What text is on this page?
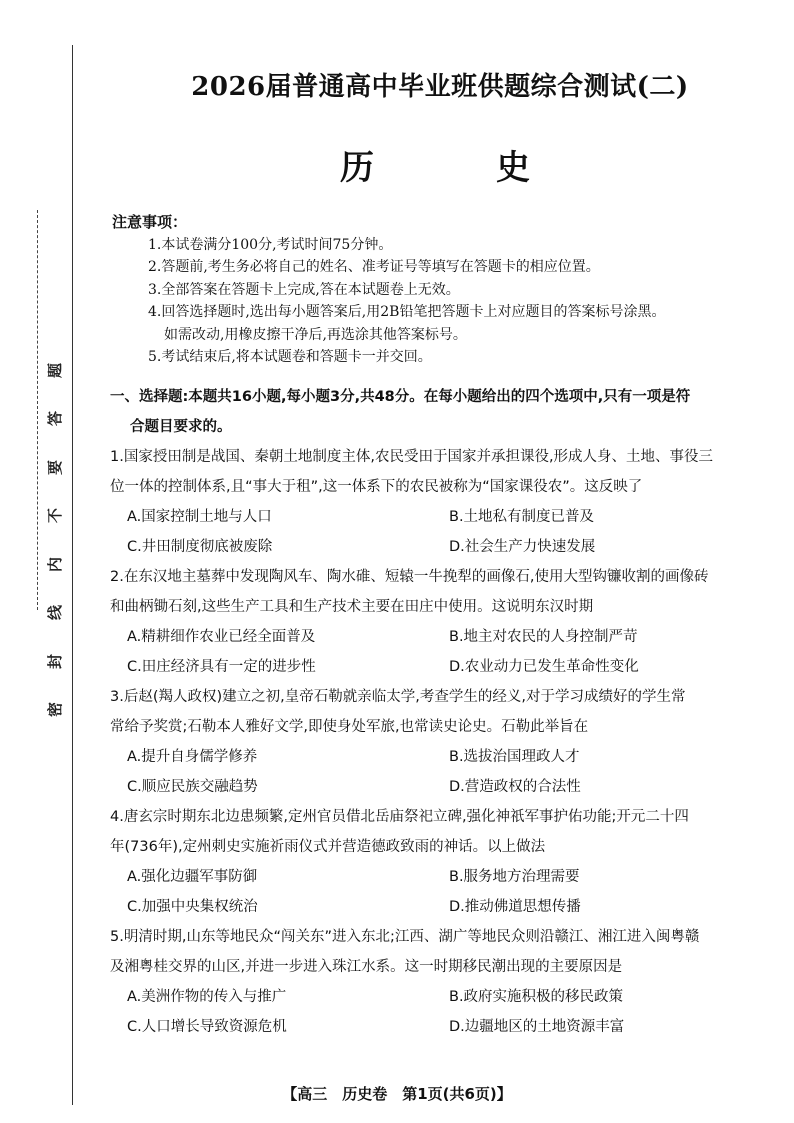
题
答
要
不
内
线
封
密
2026届普通高中毕业班供题综合测试(二)
历	史
注意事项：
1.本试卷满分100分,考试时间75分钟。
2.答题前,考生务必将自己的姓名、准考证号等填写在答题卡的相应位置。
3.全部答案在答题卡上完成,答在本试题卷上无效。
4.回答选择题时,选出每小题答案后,用2B铅笔把答题卡上对应题目的答案标号涂黑。
如需改动,用橡皮擦干净后,再选涂其他答案标号。
5.考试结束后,将本试题卷和答题卡一并交回。
一、选择题:本题共16小题,每小题3分,共48分。在每小题给出的四个选项中,只有一项是符
合题目要求的。
1.国家授田制是战国、秦朝土地制度主体,农民受田于国家并承担课役,形成人身、土地、事役三
位一体的控制体系,且“事大于租”,这一体系下的农民被称为“国家课役农”。这反映了
A.国家控制土地与人口	B.土地私有制度已普及
C.井田制度彻底被废除	D.社会生产力快速发展
2.在东汉地主墓葬中发现陶风车、陶水碓、短辕一牛挽犁的画像石,使用大型钩镰收割的画像砖
和曲柄锄石刻,这些生产工具和生产技术主要在田庄中使用。这说明东汉时期
A.精耕细作农业已经全面普及	B.地主对农民的人身控制严苛
C.田庄经济具有一定的进步性	D.农业动力已发生革命性变化
3.后赵(羯人政权)建立之初,皇帝石勒就亲临太学,考查学生的经义,对于学习成绩好的学生常
常给予奖赏;石勒本人雅好文学,即使身处军旅,也常读史论史。石勒此举旨在
A.提升自身儒学修养	B.选拔治国理政人才
C.顺应民族交融趋势	D.营造政权的合法性
4.唐玄宗时期东北边患频繁,定州官员借北岳庙祭祀立碑,强化神祇军事护佑功能;开元二十四
年(736年),定州刺史实施祈雨仪式并营造德政致雨的神话。以上做法
A.强化边疆军事防御	B.服务地方治理需要
C.加强中央集权统治	D.推动佛道思想传播
5.明清时期,山东等地民众“闯关东”进入东北;江西、湖广等地民众则沿赣江、湘江进入闽粤赣
及湘粤桂交界的山区,并进一步进入珠江水系。这一时期移民潮出现的主要原因是
A.美洲作物的传入与推广	B.政府实施积极的移民政策
C.人口增长导致资源危机	D.边疆地区的土地资源丰富
【高三　历史卷　第1页(共6页)】
